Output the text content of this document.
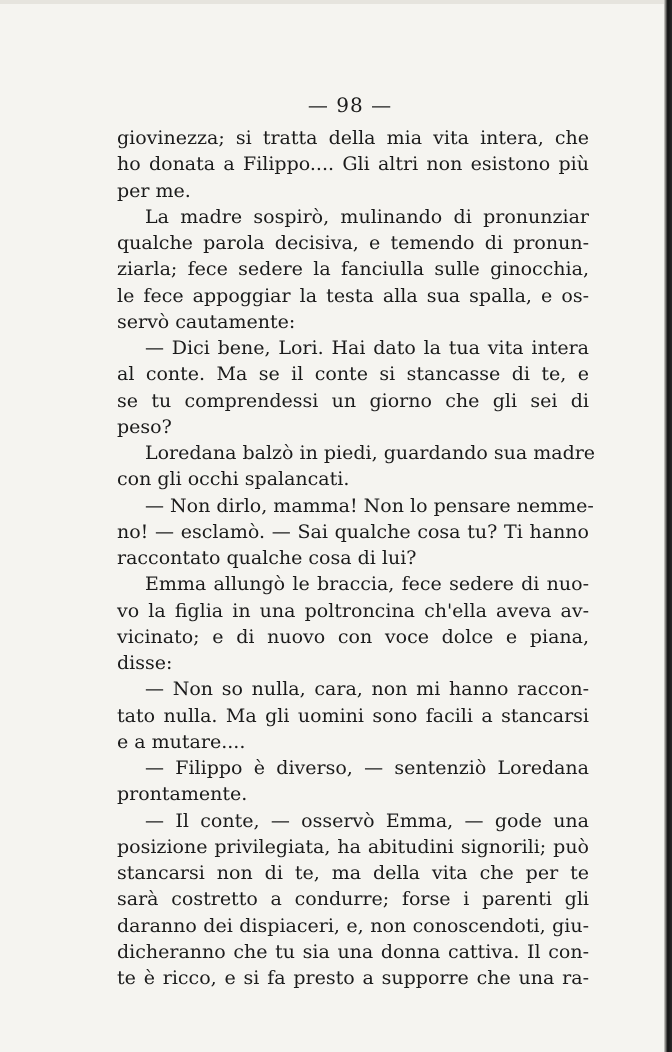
— 98 —
giovinezza; si tratta della mia vita intera, che
ho donata a Filippo.... Gli altri non esistono più
per me.
La madre sospirò, mulinando di pronunziar
qualche parola decisiva, e temendo di pronun-
ziarla; fece sedere la fanciulla sulle ginocchia,
le fece appoggiar la testa alla sua spalla, e os-
servò cautamente:
— Dici bene, Lori. Hai dato la tua vita intera
al conte. Ma se il conte si stancasse di te, e
se tu comprendessi un giorno che gli sei di
peso?
Loredana balzò in piedi, guardando sua madre
con gli occhi spalancati.
— Non dirlo, mamma! Non lo pensare nemme-
no! — esclamò. — Sai qualche cosa tu? Ti hanno
raccontato qualche cosa di lui?
Emma allungò le braccia, fece sedere di nuo-
vo la figlia in una poltroncina ch'ella aveva av-
vicinato; e di nuovo con voce dolce e piana,
disse:
— Non so nulla, cara, non mi hanno raccon-
tato nulla. Ma gli uomini sono facili a stancarsi
e a mutare....
— Filippo è diverso, — sentenziò Loredana
prontamente.
— Il conte, — osservò Emma, — gode una
posizione privilegiata, ha abitudini signorili; può
stancarsi non di te, ma della vita che per te
sarà costretto a condurre; forse i parenti gli
daranno dei dispiaceri, e, non conoscendoti, giu-
dicheranno che tu sia una donna cattiva. Il con-
te è ricco, e si fa presto a supporre che una ra-
